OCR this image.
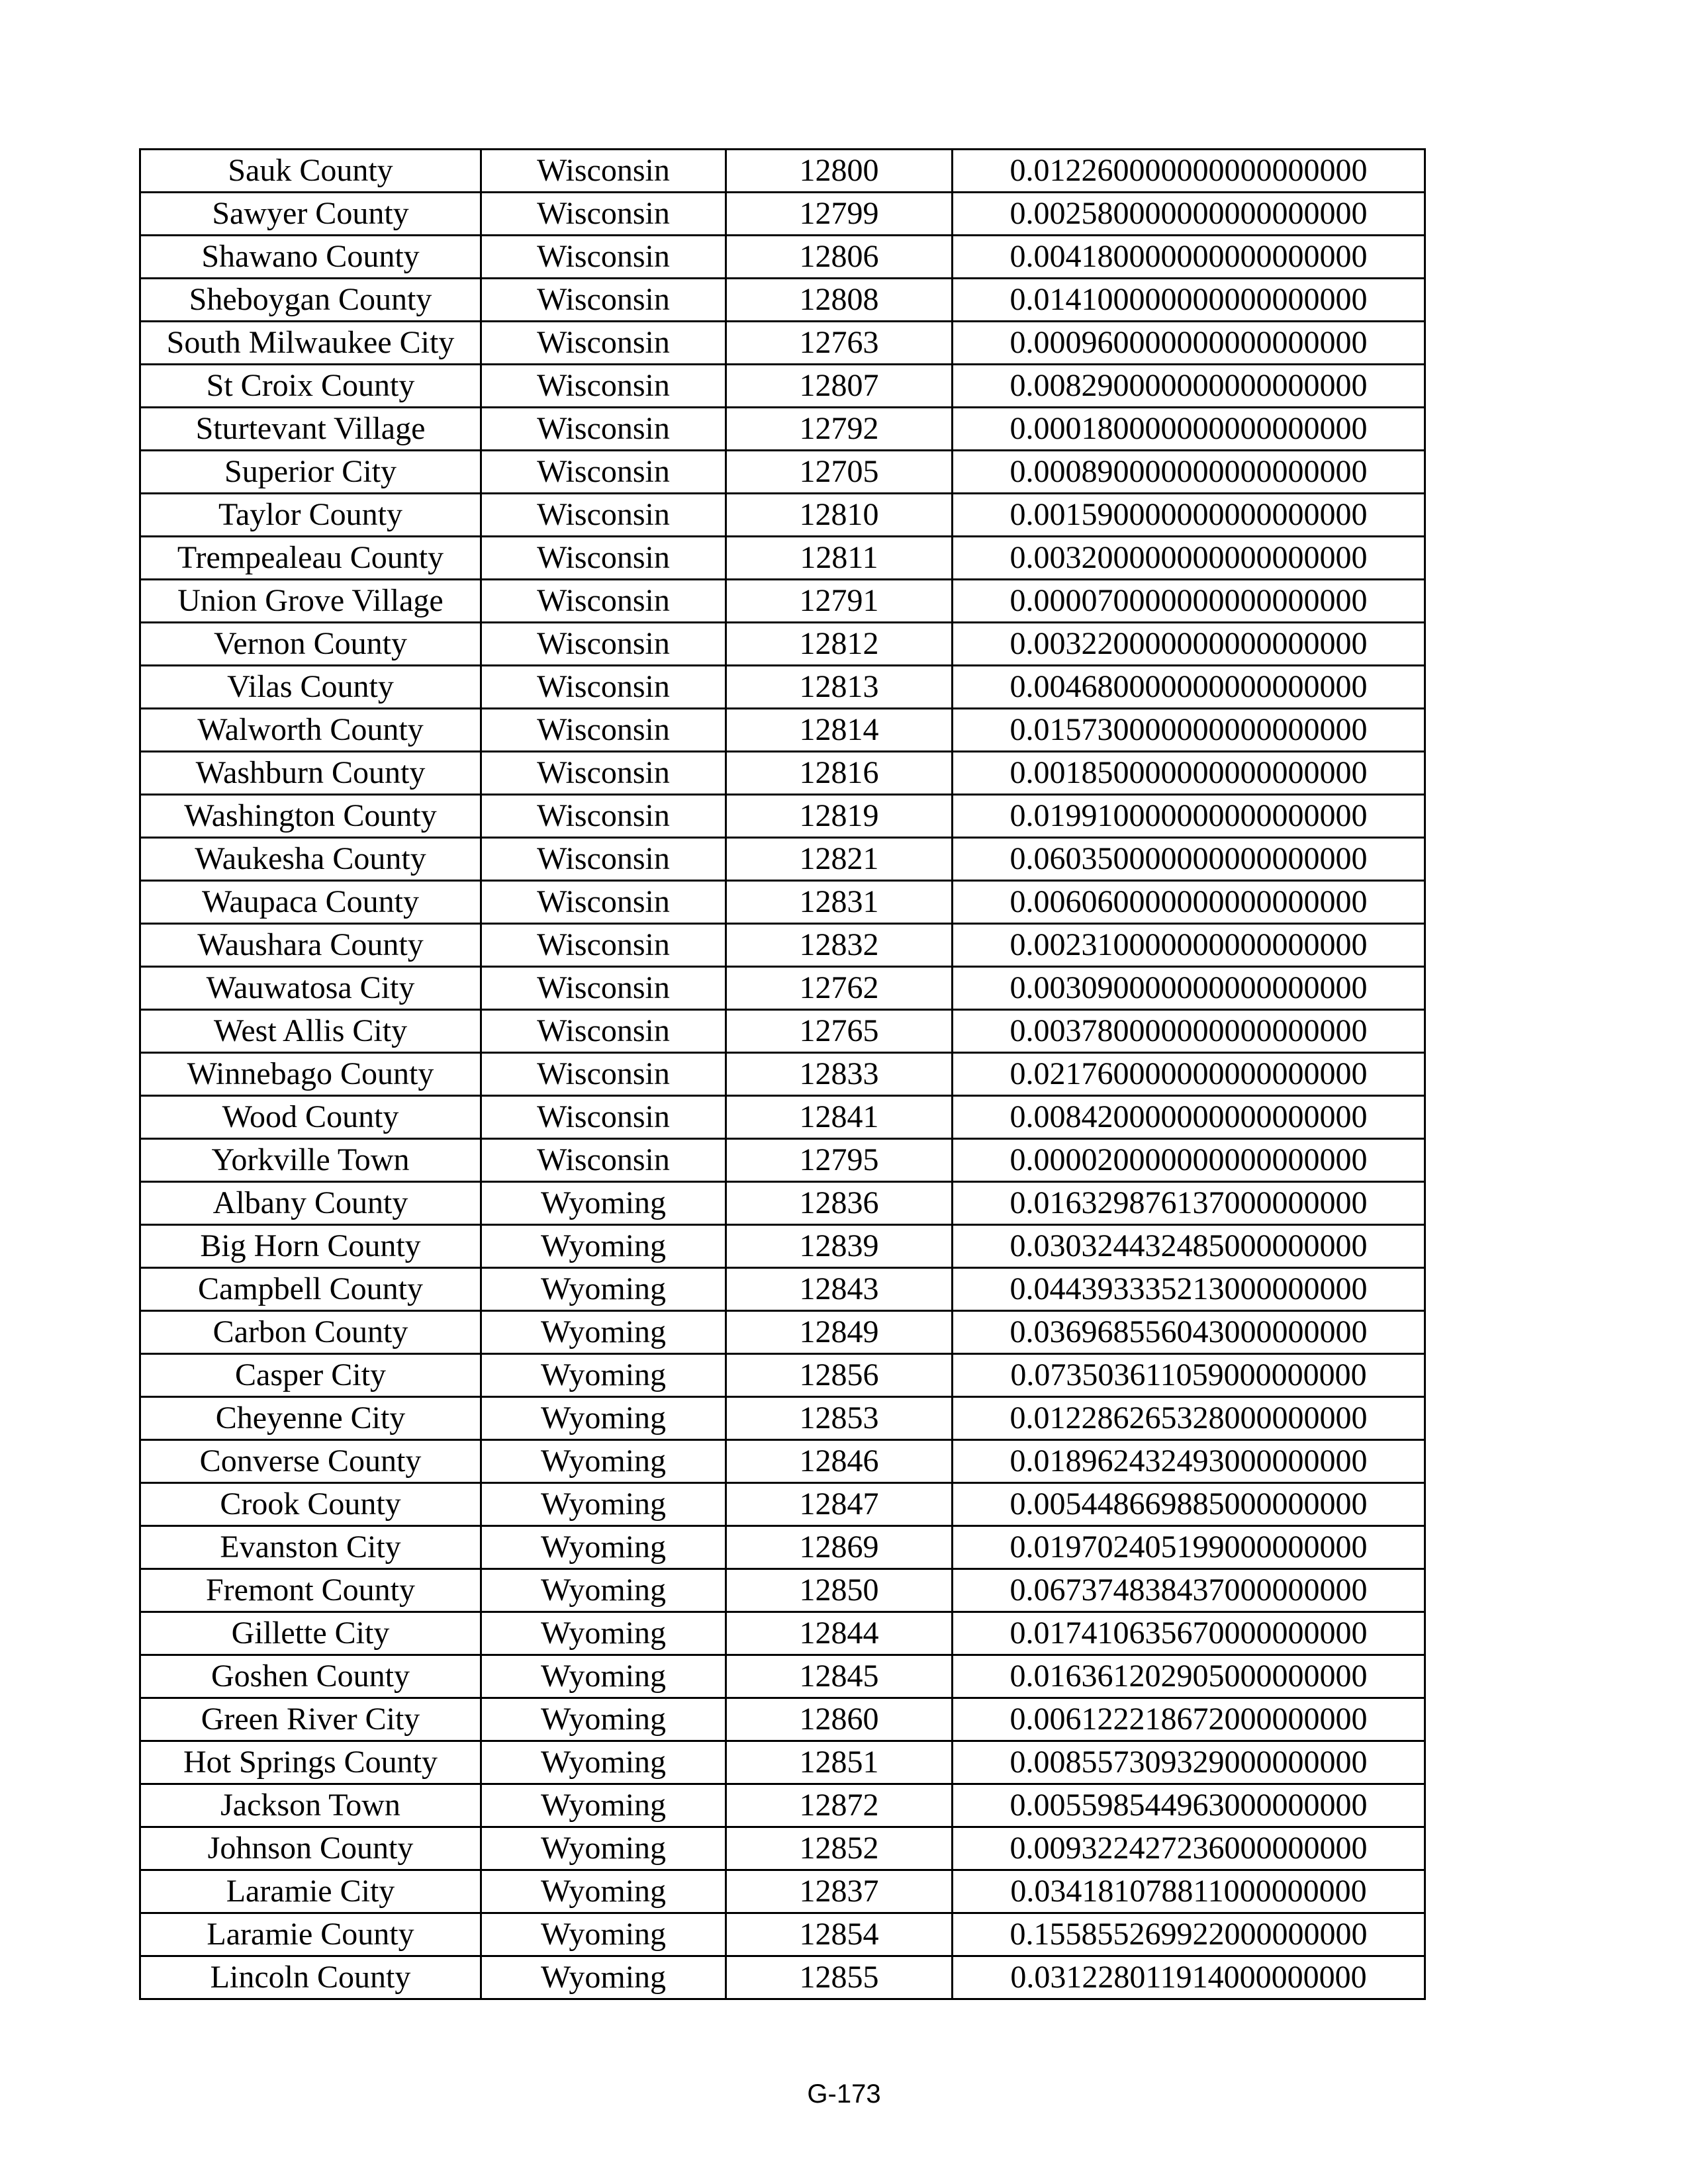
Sauk County	Wisconsin	12800	0.012260000000000000000
Sawyer County	Wisconsin	12799	0.002580000000000000000
Shawano County	Wisconsin	12806	0.004180000000000000000
Sheboygan County	Wisconsin	12808	0.014100000000000000000
South Milwaukee City	Wisconsin	12763	0.000960000000000000000
St Croix County	Wisconsin	12807	0.008290000000000000000
Sturtevant Village	Wisconsin	12792	0.000180000000000000000
Superior City	Wisconsin	12705	0.000890000000000000000
Taylor County	Wisconsin	12810	0.001590000000000000000
Trempealeau County	Wisconsin	12811	0.003200000000000000000
Union Grove Village	Wisconsin	12791	0.000070000000000000000
Vernon County	Wisconsin	12812	0.003220000000000000000
Vilas County	Wisconsin	12813	0.004680000000000000000
Walworth County	Wisconsin	12814	0.015730000000000000000
Washburn County	Wisconsin	12816	0.001850000000000000000
Washington County	Wisconsin	12819	0.019910000000000000000
Waukesha County	Wisconsin	12821	0.060350000000000000000
Waupaca County	Wisconsin	12831	0.006060000000000000000
Waushara County	Wisconsin	12832	0.002310000000000000000
Wauwatosa City	Wisconsin	12762	0.003090000000000000000
West Allis City	Wisconsin	12765	0.003780000000000000000
Winnebago County	Wisconsin	12833	0.021760000000000000000
Wood County	Wisconsin	12841	0.008420000000000000000
Yorkville Town	Wisconsin	12795	0.000020000000000000000
Albany County	Wyoming	12836	0.016329876137000000000
Big Horn County	Wyoming	12839	0.030324432485000000000
Campbell County	Wyoming	12843	0.044393335213000000000
Carbon County	Wyoming	12849	0.036968556043000000000
Casper City	Wyoming	12856	0.073503611059000000000
Cheyenne City	Wyoming	12853	0.012286265328000000000
Converse County	Wyoming	12846	0.018962432493000000000
Crook County	Wyoming	12847	0.005448669885000000000
Evanston City	Wyoming	12869	0.019702405199000000000
Fremont County	Wyoming	12850	0.067374838437000000000
Gillette City	Wyoming	12844	0.017410635670000000000
Goshen County	Wyoming	12845	0.016361202905000000000
Green River City	Wyoming	12860	0.006122218672000000000
Hot Springs County	Wyoming	12851	0.008557309329000000000
Jackson Town	Wyoming	12872	0.005598544963000000000
Johnson County	Wyoming	12852	0.009322427236000000000
Laramie City	Wyoming	12837	0.034181078811000000000
Laramie County	Wyoming	12854	0.155855269922000000000
Lincoln County	Wyoming	12855	0.031228011914000000000
G-173
